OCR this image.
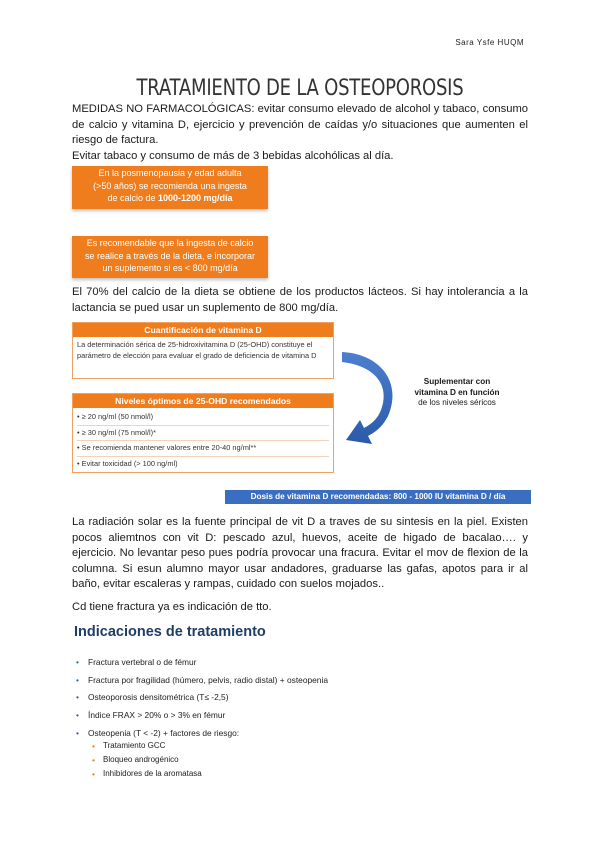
Sara Ysfe HUQM
TRATAMIENTO DE LA OSTEOPOROSIS
MEDIDAS NO FARMACOLÓGICAS: evitar consumo elevado de alcohol y tabaco, consumo de calcio y vitamina D, ejercicio y prevención de caídas y/o situaciones que aumenten el riesgo de factura.
Evitar tabaco y consumo de más de 3 bebidas alcohólicas al día.
En la posmenopausia y edad adulta
(>50 años) se recomienda una ingesta
de calcio de 1000-1200 mg/día
Es recomendable que la ingesta de calcio
se realice a través de la dieta, e incorporar
un suplemento si es < 800 mg/día
El 70% del calcio de la dieta se obtiene de los productos lácteos. Si hay intolerancia a la lactancia se pued usar un suplemento de 800 mg/día.
Cuantificación de vitamina D
La determinación sérica de 25-hidroxivitamina D (25-OHD) constituye el parámetro de elección para evaluar el grado de deficiencia de vitamina D
Niveles óptimos de 25-OHD recomendados
• ≥ 20 ng/ml (50 nmol/l)
• ≥ 30 ng/ml (75 nmol/l)*
• Se recomienda mantener valores entre 20-40 ng/ml**
• Evitar toxicidad (> 100 ng/ml)
Suplementar con
vitamina D en función
de los niveles séricos
Dosis de vitamina D recomendadas: 800 - 1000 IU vitamina D / día
La radiación solar es la fuente principal de vit D a traves de su sintesis en la piel. Existen pocos aliemtnos con vit D: pescado azul, huevos, aceite de higado de bacalao…. y ejercicio. No levantar peso pues podría provocar una fracura. Evitar el mov de flexion de la columna. Si esun alumno mayor usar andadores, graduarse las gafas, apotos para ir al baño, evitar escaleras y rampas, cuidado con suelos mojados..
Cd tiene fractura ya es indicación de tto.
Indicaciones de tratamiento
• Fractura vertebral o de fémur
• Fractura por fragilidad (húmero, pelvis, radio distal) + osteopenia
• Osteoporosis densitométrica (T≤ -2,5)
• Índice FRAX > 20% o > 3% en fémur
• Osteopenia (T < -2) + factores de riesgo:
• Tratamiento GCC
• Bloqueo androgénico
• Inhibidores de la aromatasa
